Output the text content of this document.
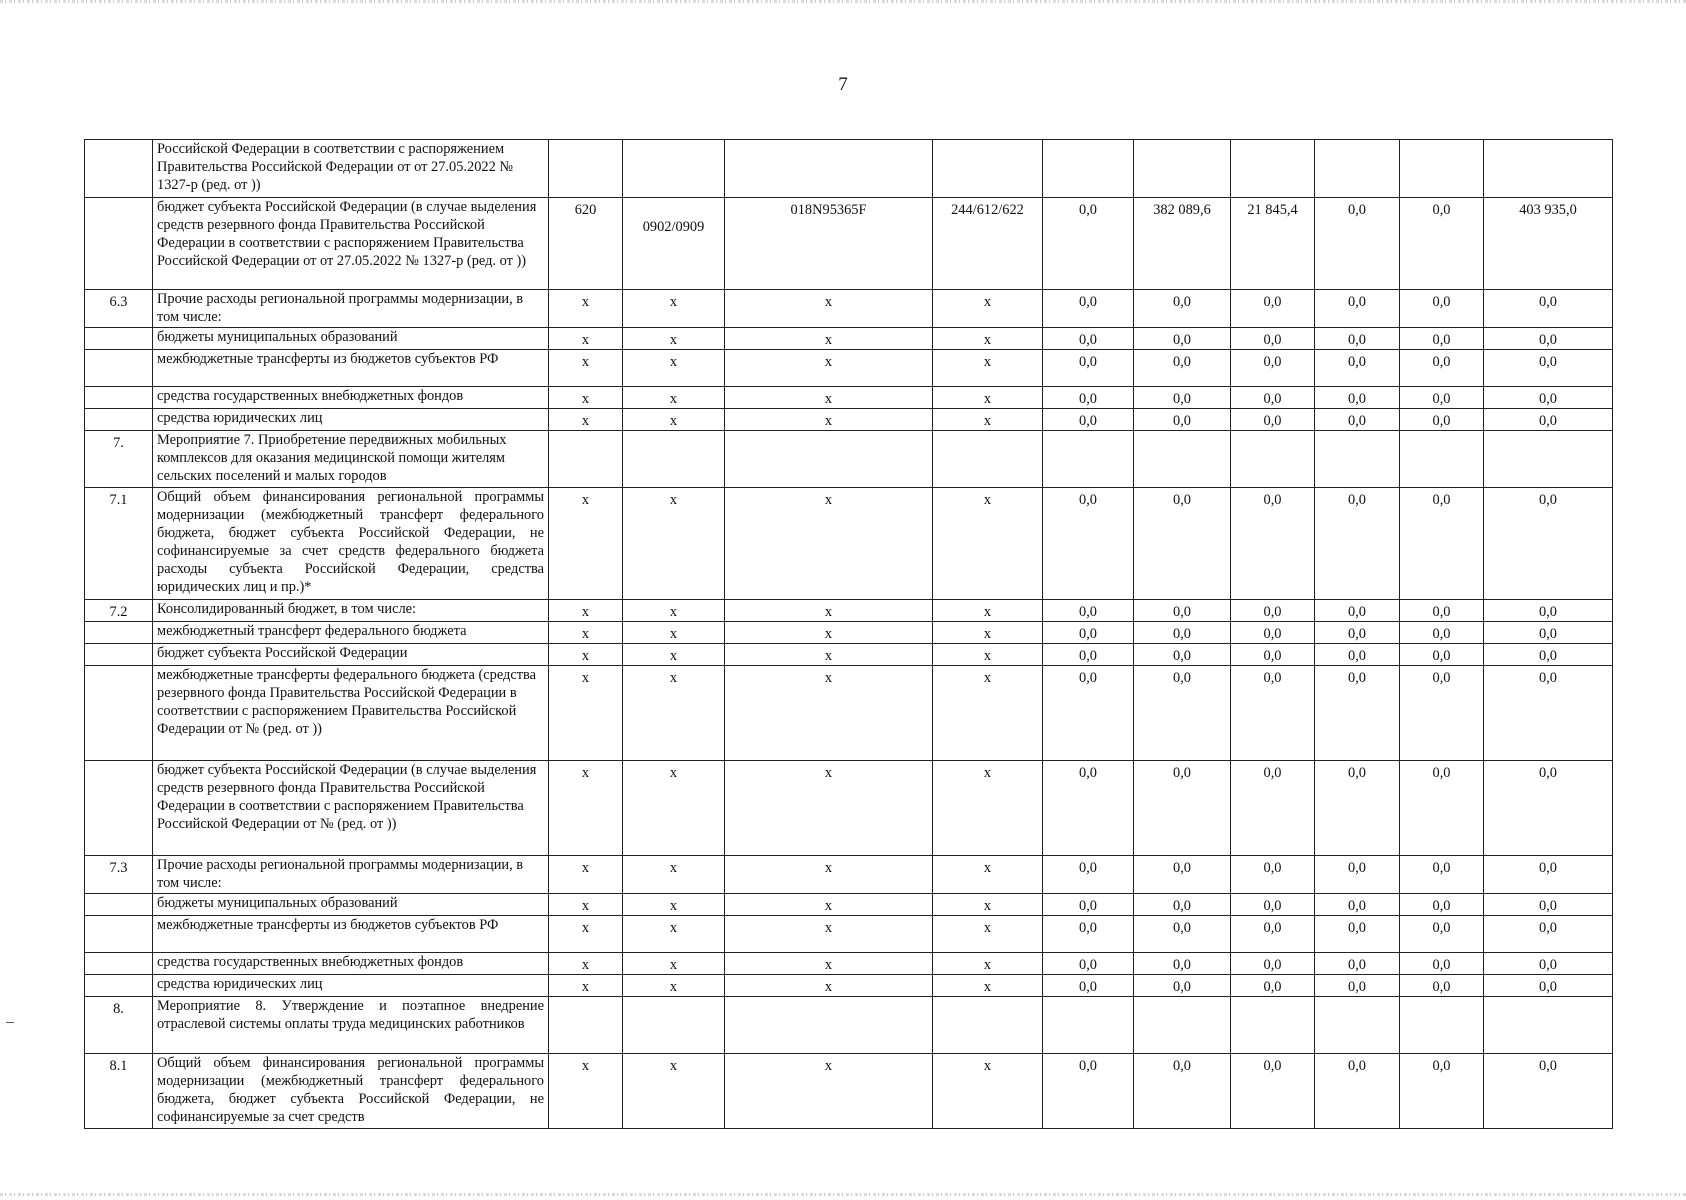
7
	Российской Федерации в соответствии с распоряжением Правительства Российской Федерации от от 27.05.2022 № 1327-р (ред. от ))										
	бюджет субъекта Российской Федерации (в случае выделения средств резервного фонда Правительства Российской Федерации в соответствии с распоряжением Правительства Российской Федерации от от 27.05.2022 № 1327-р (ред. от ))	620	0902/0909	018N95365F	244/612/622	0,0	382 089,6	21 845,4	0,0	0,0	403 935,0
6.3	Прочие расходы региональной программы модернизации, в том числе:	х	х	х	х	0,0	0,0	0,0	0,0	0,0	0,0
	бюджеты муниципальных образований	х	х	х	х	0,0	0,0	0,0	0,0	0,0	0,0
	межбюджетные трансферты из бюджетов субъектов РФ	х	х	х	х	0,0	0,0	0,0	0,0	0,0	0,0
	средства государственных внебюджетных фондов	х	х	х	х	0,0	0,0	0,0	0,0	0,0	0,0
	средства юридических лиц	х	х	х	х	0,0	0,0	0,0	0,0	0,0	0,0
7.	Мероприятие 7. Приобретение передвижных мобильных комплексов для оказания медицинской помощи жителям сельских поселений и малых городов										
7.1	Общий объем финансирования региональной программы модернизации (межбюджетный трансферт федерального бюджета, бюджет субъекта Российской Федерации, не софинансируемые за счет средств федерального бюджета расходы субъекта Российской Федерации, средства юридических лиц и пр.)*	х	х	х	х	0,0	0,0	0,0	0,0	0,0	0,0
7.2	Консолидированный бюджет, в том числе:	х	х	х	х	0,0	0,0	0,0	0,0	0,0	0,0
	межбюджетный трансферт федерального бюджета	х	х	х	х	0,0	0,0	0,0	0,0	0,0	0,0
	бюджет субъекта Российской Федерации	х	х	х	х	0,0	0,0	0,0	0,0	0,0	0,0
	межбюджетные трансферты федерального бюджета (средства резервного фонда Правительства Российской Федерации в соответствии с распоряжением Правительства Российской Федерации от № (ред. от ))	х	х	х	х	0,0	0,0	0,0	0,0	0,0	0,0
	бюджет субъекта Российской Федерации (в случае выделения средств резервного фонда Правительства Российской Федерации в соответствии с распоряжением Правительства Российской Федерации от № (ред. от ))	х	х	х	х	0,0	0,0	0,0	0,0	0,0	0,0
7.3	Прочие расходы региональной программы модернизации, в том числе:	х	х	х	х	0,0	0,0	0,0	0,0	0,0	0,0
	бюджеты муниципальных образований	х	х	х	х	0,0	0,0	0,0	0,0	0,0	0,0
	межбюджетные трансферты из бюджетов субъектов РФ	х	х	х	х	0,0	0,0	0,0	0,0	0,0	0,0
	средства государственных внебюджетных фондов	х	х	х	х	0,0	0,0	0,0	0,0	0,0	0,0
	средства юридических лиц	х	х	х	х	0,0	0,0	0,0	0,0	0,0	0,0
8.	Мероприятие 8. Утверждение и поэтапное внедрение отраслевой системы оплаты труда медицинских работников										
8.1	Общий объем финансирования региональной программы модернизации (межбюджетный трансферт федерального бюджета, бюджет субъекта Российской Федерации, не софинансируемые за счет средств	х	х	х	х	0,0	0,0	0,0	0,0	0,0	0,0
